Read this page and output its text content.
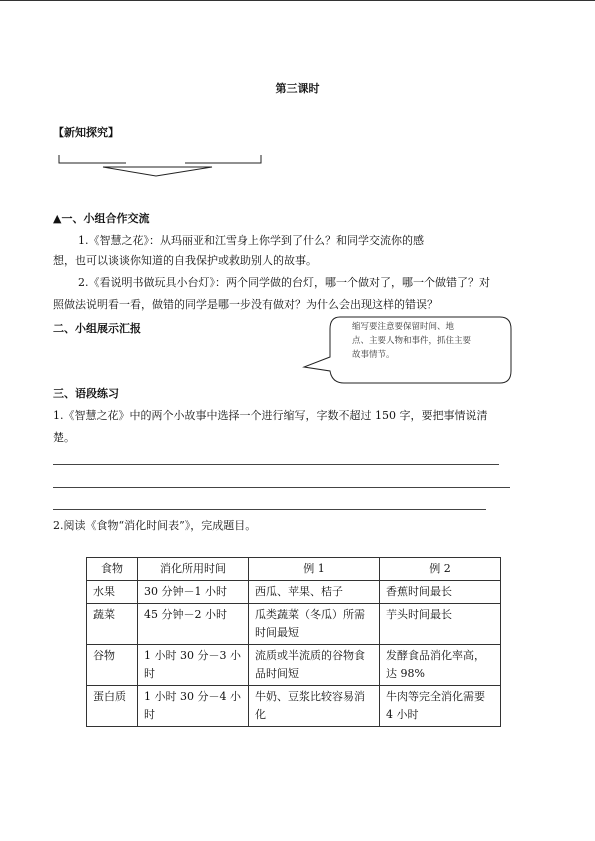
第三课时
【新知探究】
▲一、小组合作交流
1.《智慧之花》：从玛丽亚和江雪身上你学到了什么？和同学交流你的感
想，也可以谈谈你知道的自我保护或救助别人的故事。
2.《看说明书做玩具小台灯》：两个同学做的台灯，哪一个做对了，哪一个做错了？对
照做法说明看一看，做错的同学是哪一步没有做对？为什么会出现这样的错误？
二、小组展示汇报	缩写要注意要保留时间、地
点、主要人物和事件，抓住主要
故事情节。
三、语段练习
1.《智慧之花》中的两个小故事中选择一个进行缩写，字数不超过 150 字，要把事情说清
楚。
2.阅读《食物“消化时间表”》，完成题目。
食物	消化所用时间	例 1	例 2
水果	30 分钟－1 小时	西瓜、苹果、桔子	香蕉时间最长
蔬菜	45 分钟－2 小时	瓜类蔬菜（冬瓜）所需时间最短	芋头时间最长
谷物	1 小时 30 分－3 小时	流质或半流质的谷物食品时间短	发酵食品消化率高，达 98%
蛋白质	1 小时 30 分－4 小时	牛奶、豆浆比较容易消化	牛肉等完全消化需要 4 小时
